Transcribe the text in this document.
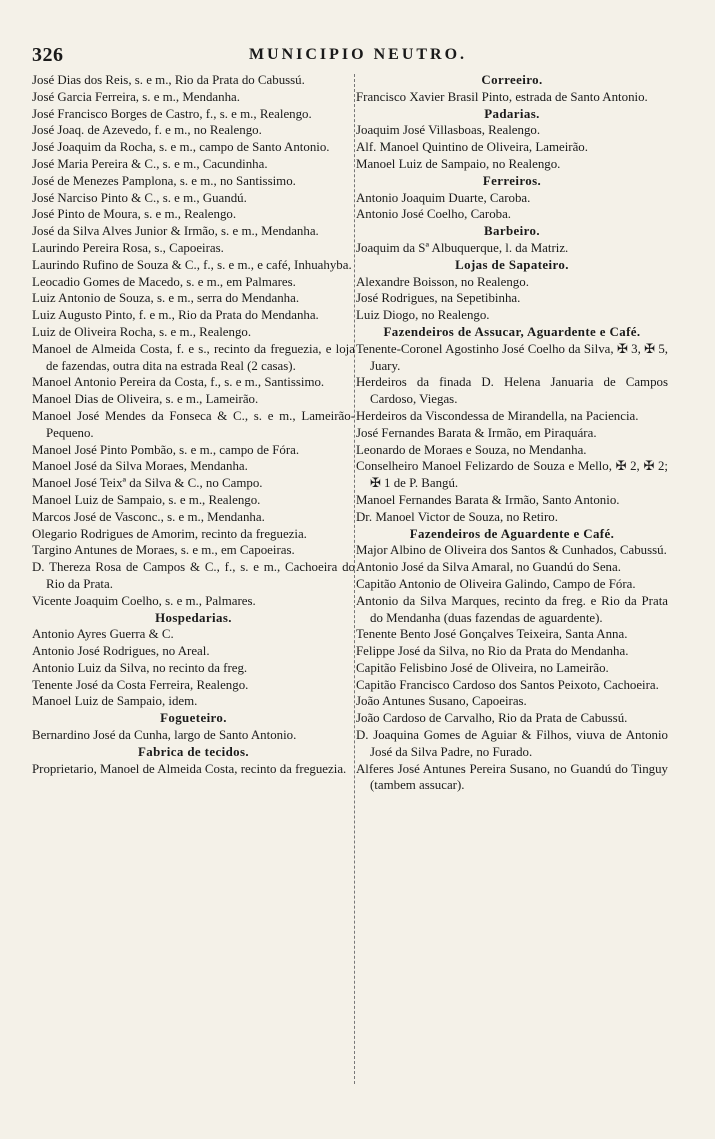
326	MUNICIPIO NEUTRO.
José Dias dos Reis, s. e m., Rio da Prata do Cabussú.
José Garcia Ferreira, s. e m., Mendanha.
José Francisco Borges de Castro, f., s. e m., Realengo.
José Joaq. de Azevedo, f. e m., no Realengo.
José Joaquim da Rocha, s. e m., campo de Santo Antonio.
José Maria Pereira & C., s. e m., Cacundinha.
José de Menezes Pamplona, s. e m., no Santissimo.
José Narciso Pinto & C., s. e m., Guandú.
José Pinto de Moura, s. e m., Realengo.
José da Silva Alves Junior & Irmão, s. e m., Mendanha.
Laurindo Pereira Rosa, s., Capoeiras.
Laurindo Rufino de Souza & C., f., s. e m., e café, Inhuahyba.
Leocadio Gomes de Macedo, s. e m., em Palmares.
Luiz Antonio de Souza, s. e m., serra do Mendanha.
Luiz Augusto Pinto, f. e m., Rio da Prata do Mendanha.
Luiz de Oliveira Rocha, s. e m., Realengo.
Manoel de Almeida Costa, f. e s., recinto da freguezia, e loja de fazendas, outra dita na estrada Real (2 casas).
Manoel Antonio Pereira da Costa, f., s. e m., Santissimo.
Manoel Dias de Oliveira, s. e m., Lameirão.
Manoel José Mendes da Fonseca & C., s. e m., Lameirão-Pequeno.
Manoel José Pinto Pombão, s. e m., campo de Fóra.
Manoel José da Silva Moraes, Mendanha.
Manoel José Teixª da Silva & C., no Campo.
Manoel Luiz de Sampaio, s. e m., Realengo.
Marcos José de Vasconc., s. e m., Mendanha.
Olegario Rodrigues de Amorim, recinto da freguezia.
Targino Antunes de Moraes, s. e m., em Capoeiras.
D. Thereza Rosa de Campos & C., f., s. e m., Cachoeira do Rio da Prata.
Vicente Joaquim Coelho, s. e m., Palmares.
Hospedarias.
Antonio Ayres Guerra & C.
Antonio José Rodrigues, no Areal.
Antonio Luiz da Silva, no recinto da freg.
Tenente José da Costa Ferreira, Realengo.
Manoel Luiz de Sampaio, idem.
Fogueteiro.
Bernardino José da Cunha, largo de Santo Antonio.
Fabrica de tecidos.
Proprietario, Manoel de Almeida Costa, recinto da freguezia.
Correeiro.
Francisco Xavier Brasil Pinto, estrada de Santo Antonio.
Padarias.
Joaquim José Villasboas, Realengo.
Alf. Manoel Quintino de Oliveira, Lameirão.
Manoel Luiz de Sampaio, no Realengo.
Ferreiros.
Antonio Joaquim Duarte, Caroba.
Antonio José Coelho, Caroba.
Barbeiro.
Joaquim da Sª Albuquerque, l. da Matriz.
Lojas de Sapateiro.
Alexandre Boisson, no Realengo.
José Rodrigues, na Sepetibinha.
Luiz Diogo, no Realengo.
Fazendeiros de Assucar, Aguardente e Café.
Tenente-Coronel Agostinho José Coelho da Silva, ✠ 3, ✠ 5, Juary.
Herdeiros da finada D. Helena Januaria de Campos Cardoso, Viegas.
Herdeiros da Viscondessa de Mirandella, na Paciencia.
José Fernandes Barata & Irmão, em Piraquára.
Leonardo de Moraes e Souza, no Mendanha.
Conselheiro Manoel Felizardo de Souza e Mello, ✠ 2, ✠ 2; ✠ 1 de P. Bangú.
Manoel Fernandes Barata & Irmão, Santo Antonio.
Dr. Manoel Victor de Souza, no Retiro.
Fazendeiros de Aguardente e Café.
Major Albino de Oliveira dos Santos & Cunhados, Cabussú.
Antonio José da Silva Amaral, no Guandú do Sena.
Capitão Antonio de Oliveira Galindo, Campo de Fóra.
Antonio da Silva Marques, recinto da freg. e Rio da Prata do Mendanha (duas fazendas de aguardente).
Tenente Bento José Gonçalves Teixeira, Santa Anna.
Felippe José da Silva, no Rio da Prata do Mendanha.
Capitão Felisbino José de Oliveira, no Lameirão.
Capitão Francisco Cardoso dos Santos Peixoto, Cachoeira.
João Antunes Susano, Capoeiras.
João Cardoso de Carvalho, Rio da Prata de Cabussú.
D. Joaquina Gomes de Aguiar & Filhos, viuva de Antonio José da Silva Padre, no Furado.
Alferes José Antunes Pereira Susano, no Guandú do Tinguy (tambem assucar).
